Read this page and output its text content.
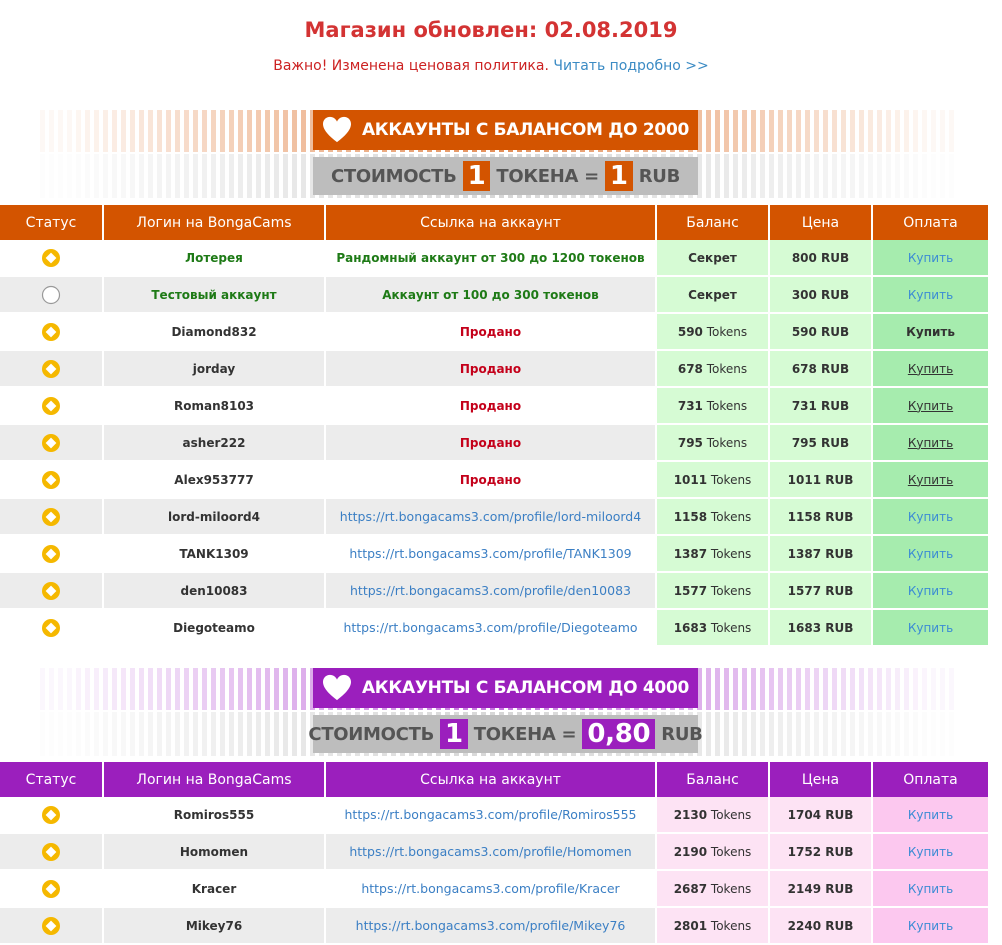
Магазин обновлен: 02.08.2019
Важно! Изменена ценовая политика. Читать подробно >>
АККАУНТЫ С БАЛАНСОМ ДО 2000
СТОИМОСТЬ 1 ТОКЕНА
= 1 RUB
Статус	Логин на BongaCams	Ссылка на аккаунт	Баланс	Цена	Оплата
	Лотерея	Рандомный аккаунт от 300 до 1200 токенов	Секрет	800 RUB	Купить
	Тестовый аккаунт	Аккаунт от 100 до 300 токенов	Секрет	300 RUB	Купить
	Diamond832	Продано	590 Tokens	590 RUB	Купить
	jorday	Продано	678 Tokens	678 RUB	Купить
	Roman8103	Продано	731 Tokens	731 RUB	Купить
	asher222	Продано	795 Tokens	795 RUB	Купить
	Alex953777	Продано	1011 Tokens	1011 RUB	Купить
	lord-miloord4	https://rt.bongacams3.com/profile/lord-miloord4	1158 Tokens	1158 RUB	Купить
	TANK1309	https://rt.bongacams3.com/profile/TANK1309	1387 Tokens	1387 RUB	Купить
	den10083	https://rt.bongacams3.com/profile/den10083	1577 Tokens	1577 RUB	Купить
	Diegoteamo	https://rt.bongacams3.com/profile/Diegoteamo	1683 Tokens	1683 RUB	Купить
АККАУНТЫ С БАЛАНСОМ ДО 4000
СТОИМОСТЬ 1 ТОКЕНА
= 0,80 RUB
Статус	Логин на BongaCams	Ссылка на аккаунт	Баланс	Цена	Оплата
	Romiros555	https://rt.bongacams3.com/profile/Romiros555	2130 Tokens	1704 RUB	Купить
	Homomen	https://rt.bongacams3.com/profile/Homomen	2190 Tokens	1752 RUB	Купить
	Kracer	https://rt.bongacams3.com/profile/Kracer	2687 Tokens	2149 RUB	Купить
	Mikey76	https://rt.bongacams3.com/profile/Mikey76	2801 Tokens	2240 RUB	Купить
